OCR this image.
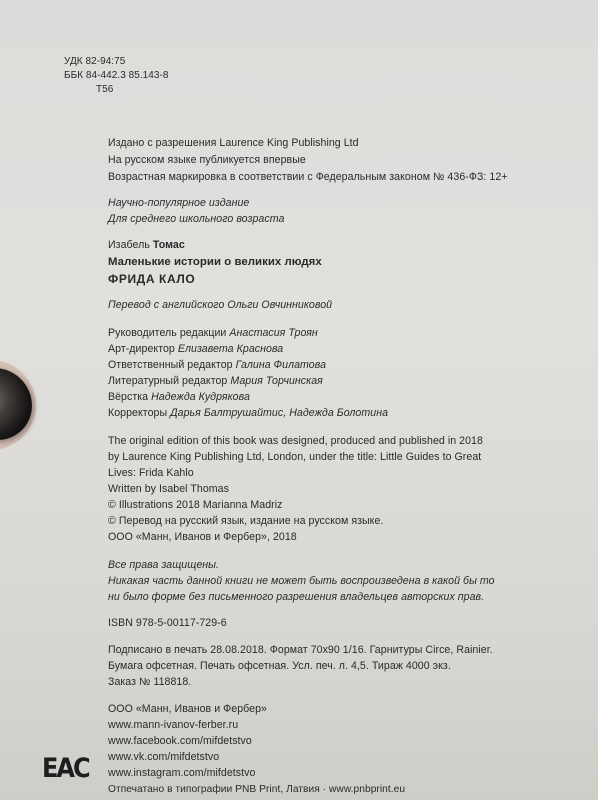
УДК 82-94:75
ББК 84-442.3 85.143-8
Т56
Издано с разрешения Laurence King Publishing Ltd
На русском языке публикуется впервые
Возрастная маркировка в соответствии с Федеральным законом № 436-ФЗ: 12+
Научно-популярное издание
Для среднего школьного возраста
Изабель Томас
Маленькие истории о великих людях
ФРИДА КАЛО
Перевод с английского Ольги Овчинниковой
Руководитель редакции Анастасия Троян
Арт-директор Елизавета Краснова
Ответственный редактор Галина Филатова
Литературный редактор Мария Торчинская
Вёрстка Надежда Кудрякова
Корректоры Дарья Балтрушайтис, Надежда Болотина
The original edition of this book was designed, produced and published in 2018
by Laurence King Publishing Ltd, London, under the title: Little Guides to Great
Lives: Frida Kahlo
Written by Isabel Thomas
© Illustrations 2018 Marianna Madriz
© Перевод на русский язык, издание на русском языке.
ООО «Манн, Иванов и Фербер», 2018
Все права защищены.
Никакая часть данной книги не может быть воспроизведена в какой бы то
ни было форме без письменного разрешения владельцев авторских прав.
ISBN 978-5-00117-729-6
Подписано в печать 28.08.2018. Формат 70х90 1/16. Гарнитуры Circe, Rainier.
Бумага офсетная. Печать офсетная. Усл. печ. л. 4,5. Тираж 4000 экз.
Заказ № 118818.
ООО «Манн, Иванов и Фербер»
www.mann-ivanov-ferber.ru
www.facebook.com/mifdetstvo
www.vk.com/mifdetstvo
www.instagram.com/mifdetstvo
ЕАС
Отпечатано в типографии PNB Print, Латвия · www.pnbprint.eu
